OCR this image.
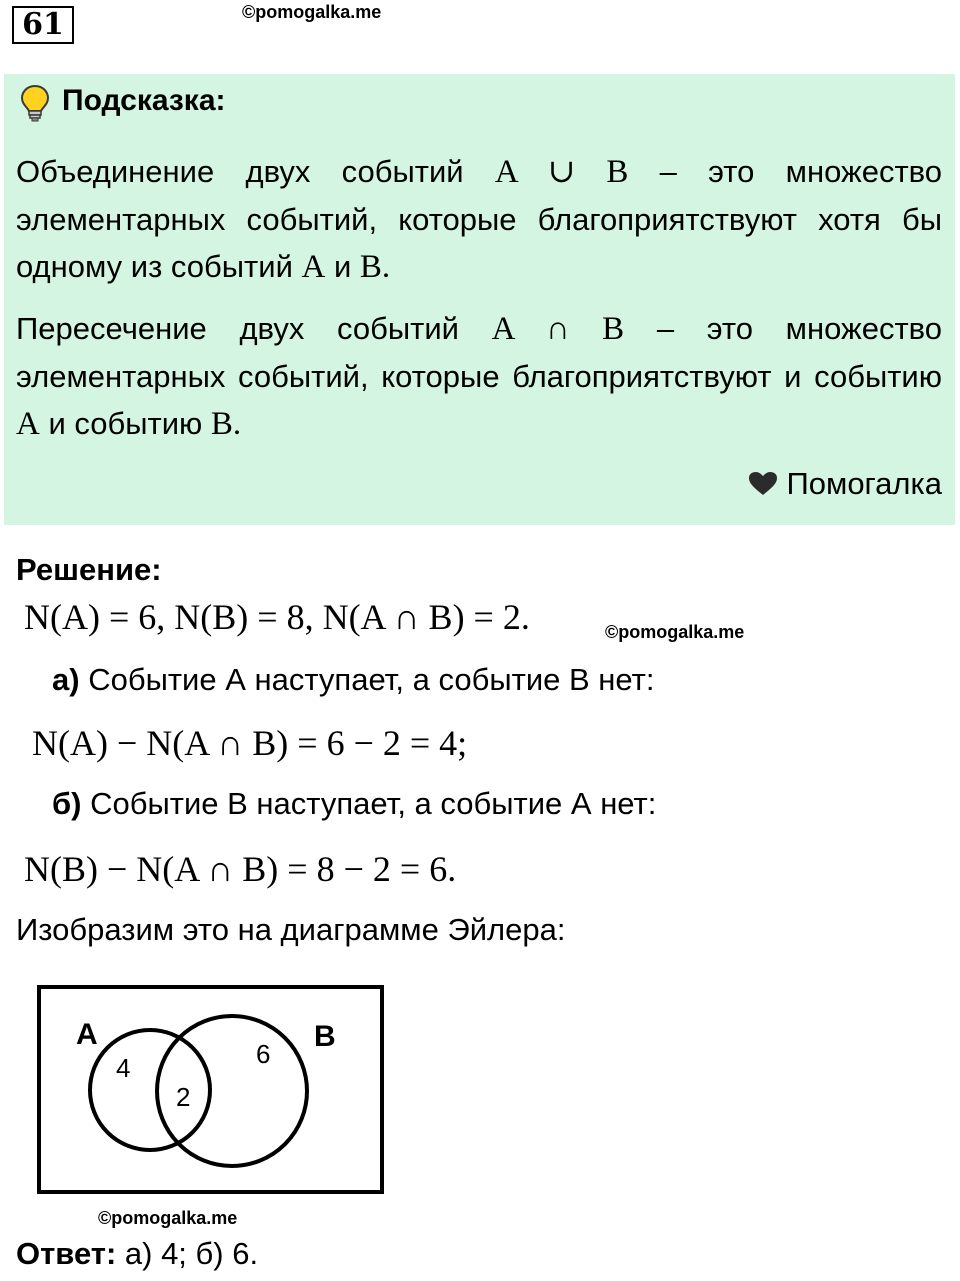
61	©pomogalka.me
Подсказка:
Объединение двух событий A ∪ B – это множество элементарных событий, которые благоприятствуют хотя бы одному из событий A и B.
Пересечение двух событий A ∩ B – это множество элементарных событий, которые благоприятствуют и событию A и событию B.
Помогалка
Решение:
N(A) = 6, N(B) = 8, N(A ∩ B) = 2.	©pomogalka.me
а) Событие А наступает, а событие В нет:
N(A) − N(A ∩ B) = 6 − 2 = 4;
б) Событие В наступает, а событие А нет:
N(B) − N(A ∩ B) = 8 − 2 = 6.
Изобразим это на диаграмме Эйлера:
A	B
4
2
6
©pomogalka.me
Ответ: а) 4; б) 6.
